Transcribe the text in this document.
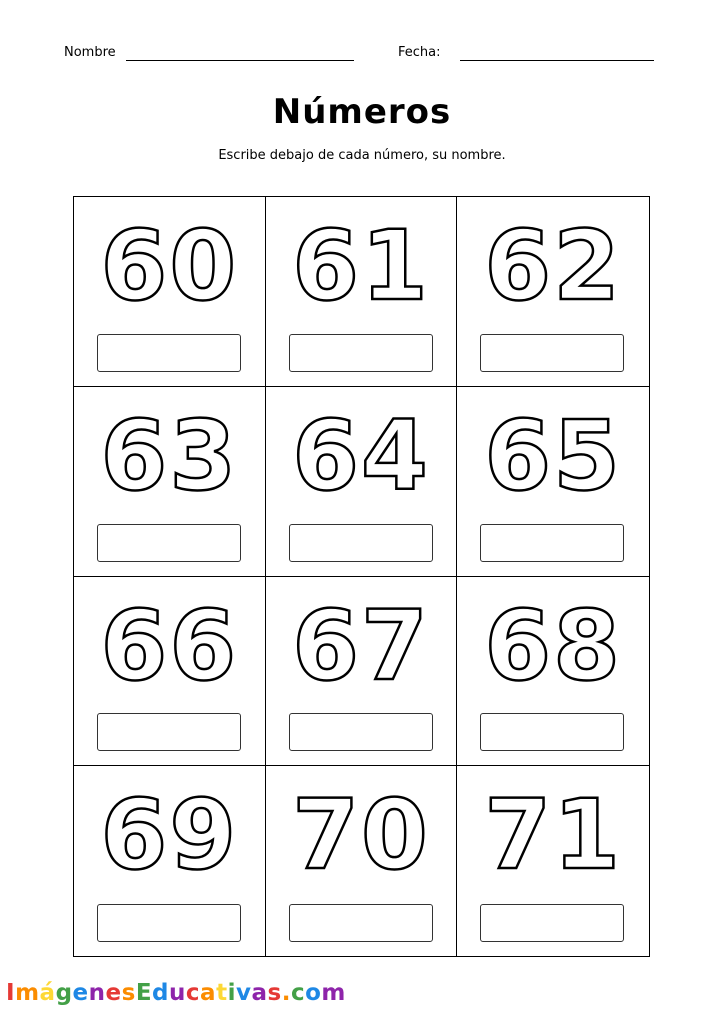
Nombre	Fecha:
Números
Escribe debajo de cada número, su nombre.
60 61 62
63 64 65
66 67 68
69 70 71
ImágenesEducativas.com
